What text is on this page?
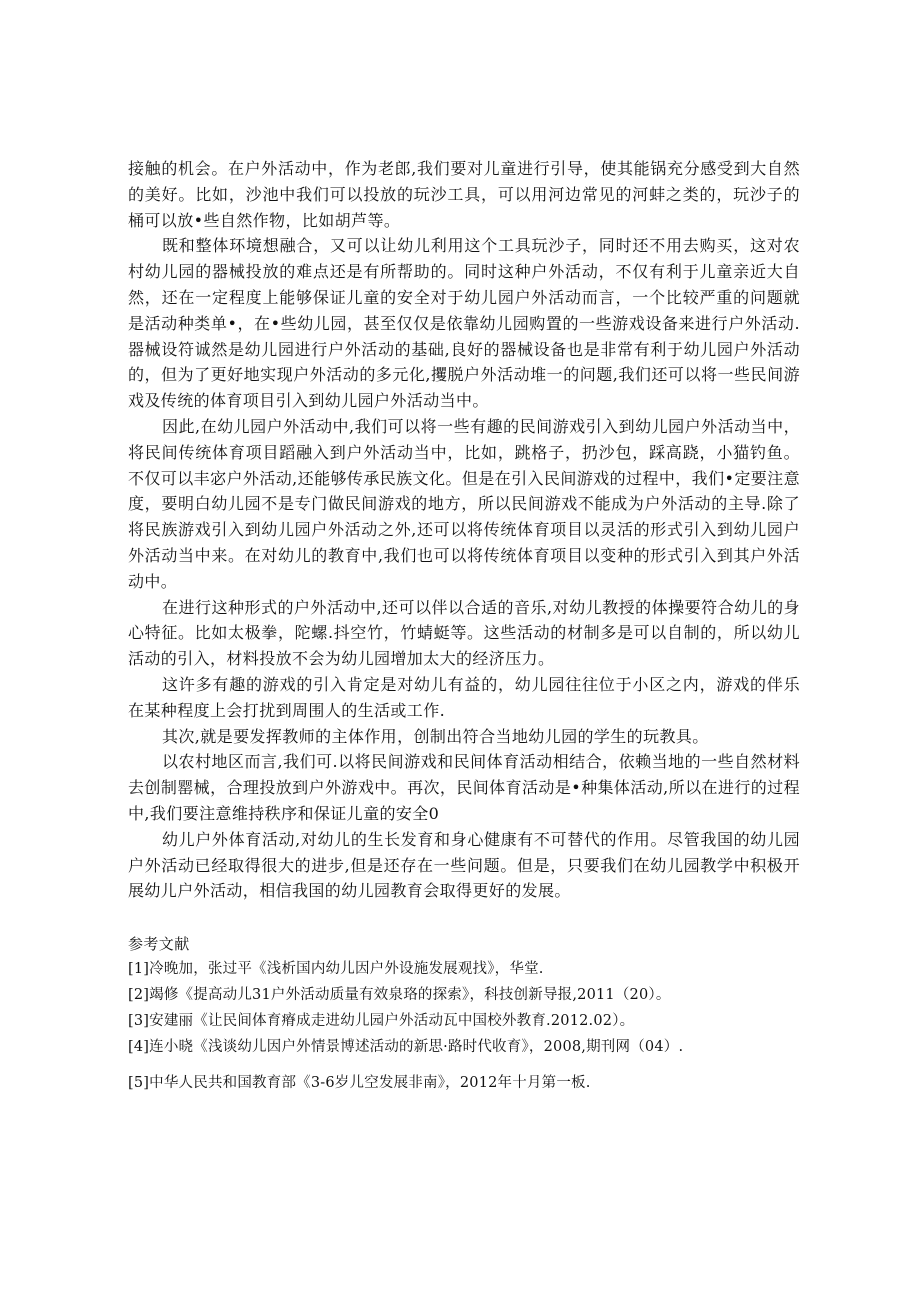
接触的机会。在户外活动中，作为老郎,我们要对儿童进行引导，使其能锅充分感受到大自然的美好。比如，沙池中我们可以投放的玩沙工具，可以用河边常见的河蚌之类的，玩沙子的桶可以放•些自然作物，比如胡芦等。

既和整体环境想融合，又可以让幼儿利用这个工具玩沙子，同时还不用去购买，这对农村幼儿园的器械投放的难点还是有所帮助的。同时这种户外活动，不仅有利于儿童亲近大自然，还在一定程度上能够保证儿童的安全对于幼儿园户外活动而言，一个比较严重的问题就是活动种类单•，在•些幼儿园，甚至仅仅是依靠幼儿园购置的一些游戏设备来进行户外活动.器械设符诚然是幼儿园进行户外活动的基础,良好的器械设备也是非常有利于幼儿园户外活动的，但为了更好地实现户外活动的多元化,攫脱户外活动堆一的问题,我们还可以将一些民间游戏及传统的体育项目引入到幼儿园户外活动当中。

因此,在幼儿园户外活动中,我们可以将一些有趣的民间游戏引入到幼儿园户外活动当中，将民间传统体育项目蹈融入到户外活动当中，比如，跳格子，扔沙包，踩高跷，小猫钓鱼。不仅可以丰宓户外活动,还能够传承民族文化。但是在引入民间游戏的过程中，我们•定要注意度，要明白幼儿园不是专门做民间游戏的地方，所以民间游戏不能成为户外活动的主导.除了将民族游戏引入到幼儿园户外活动之外,还可以将传统体育项目以灵活的形式引入到幼儿园户外活动当中来。在对幼儿的教育中,我们也可以将传统体育项目以变种的形式引入到其户外活动中。

在进行这种形式的户外活动中,还可以伴以合适的音乐,对幼儿教授的体操要符合幼儿的身心特征。比如太极拳，陀螺.抖空竹，竹蜻蜓等。这些活动的材制多是可以自制的，所以幼儿活动的引入，材料投放不会为幼儿园增加太大的经济压力。

这许多有趣的游戏的引入肯定是对幼儿有益的，幼儿园往往位于小区之内，游戏的伴乐在某种程度上会打扰到周围人的生活或工作.

其次,就是要发挥教师的主体作用，创制出符合当地幼儿园的学生的玩教具。

以农村地区而言,我们可.以将民间游戏和民间体育活动相结合，依赖当地的一些自然材料去创制罂械，合理投放到户外游戏中。再次，民间体育活动是•种集体活动,所以在进行的过程中,我们要注意维持秩序和保证儿童的安全0

幼儿户外体育活动,对幼儿的生长发育和身心健康有不可替代的作用。尽管我国的幼儿园户外活动已经取得很大的进步,但是还存在一些问题。但是，只要我们在幼儿园教学中积极开展幼儿户外活动，相信我国的幼儿园教育会取得更好的发展。

参考文献
[1]冷晚加，张过平《浅析国内幼儿因户外设施发展观找》，华堂.
[2]竭修《提高动儿31户外活动质量有效泉珞的探索》，科技创新导报,2011（20）。
[3]安建丽《让民间体育瘠成走进幼儿园户外活动瓦中国校外教育.2012.02）。
[4]连小晓《浅谈幼儿因户外情景博述活动的新思·路时代收育》，2008,期刊网（04）.
[5]中华人民共和国教育部《3-6岁儿空发展非南》，2012年十月第一板.
